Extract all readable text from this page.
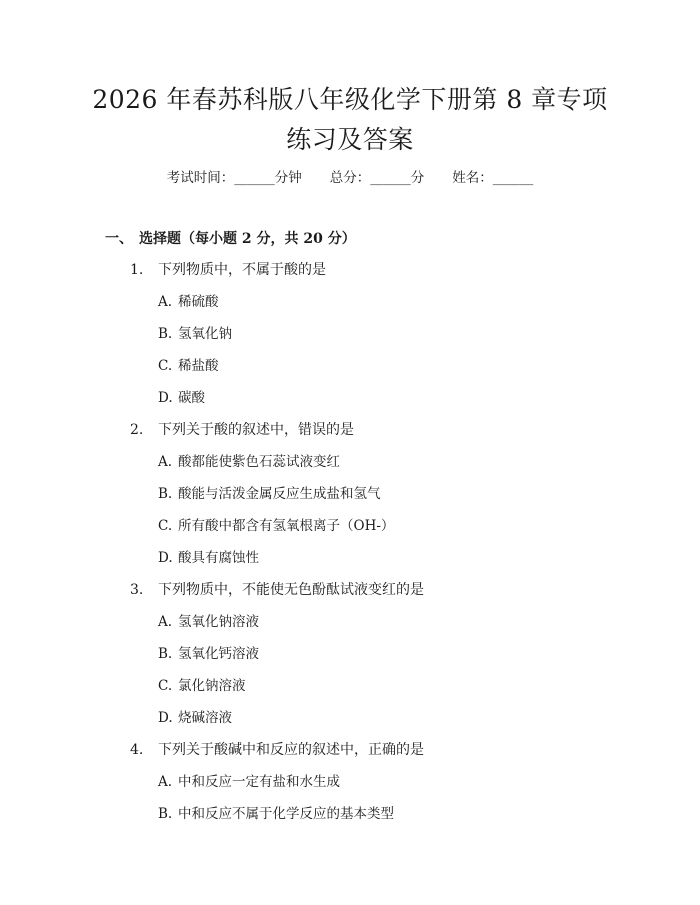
2026 年春苏科版八年级化学下册第 8 章专项
练习及答案
考试时间：______分钟 总分：______分 姓名：______
一、 选择题（每小题 2 分，共 20 分）
1. 下列物质中，不属于酸的是
A. 稀硫酸
B. 氢氧化钠
C. 稀盐酸
D. 碳酸
2. 下列关于酸的叙述中，错误的是
A. 酸都能使紫色石蕊试液变红
B. 酸能与活泼金属反应生成盐和氢气
C. 所有酸中都含有氢氧根离子（OH-）
D. 酸具有腐蚀性
3. 下列物质中，不能使无色酚酞试液变红的是
A. 氢氧化钠溶液
B. 氢氧化钙溶液
C. 氯化钠溶液
D. 烧碱溶液
4. 下列关于酸碱中和反应的叙述中，正确的是
A. 中和反应一定有盐和水生成
B. 中和反应不属于化学反应的基本类型
